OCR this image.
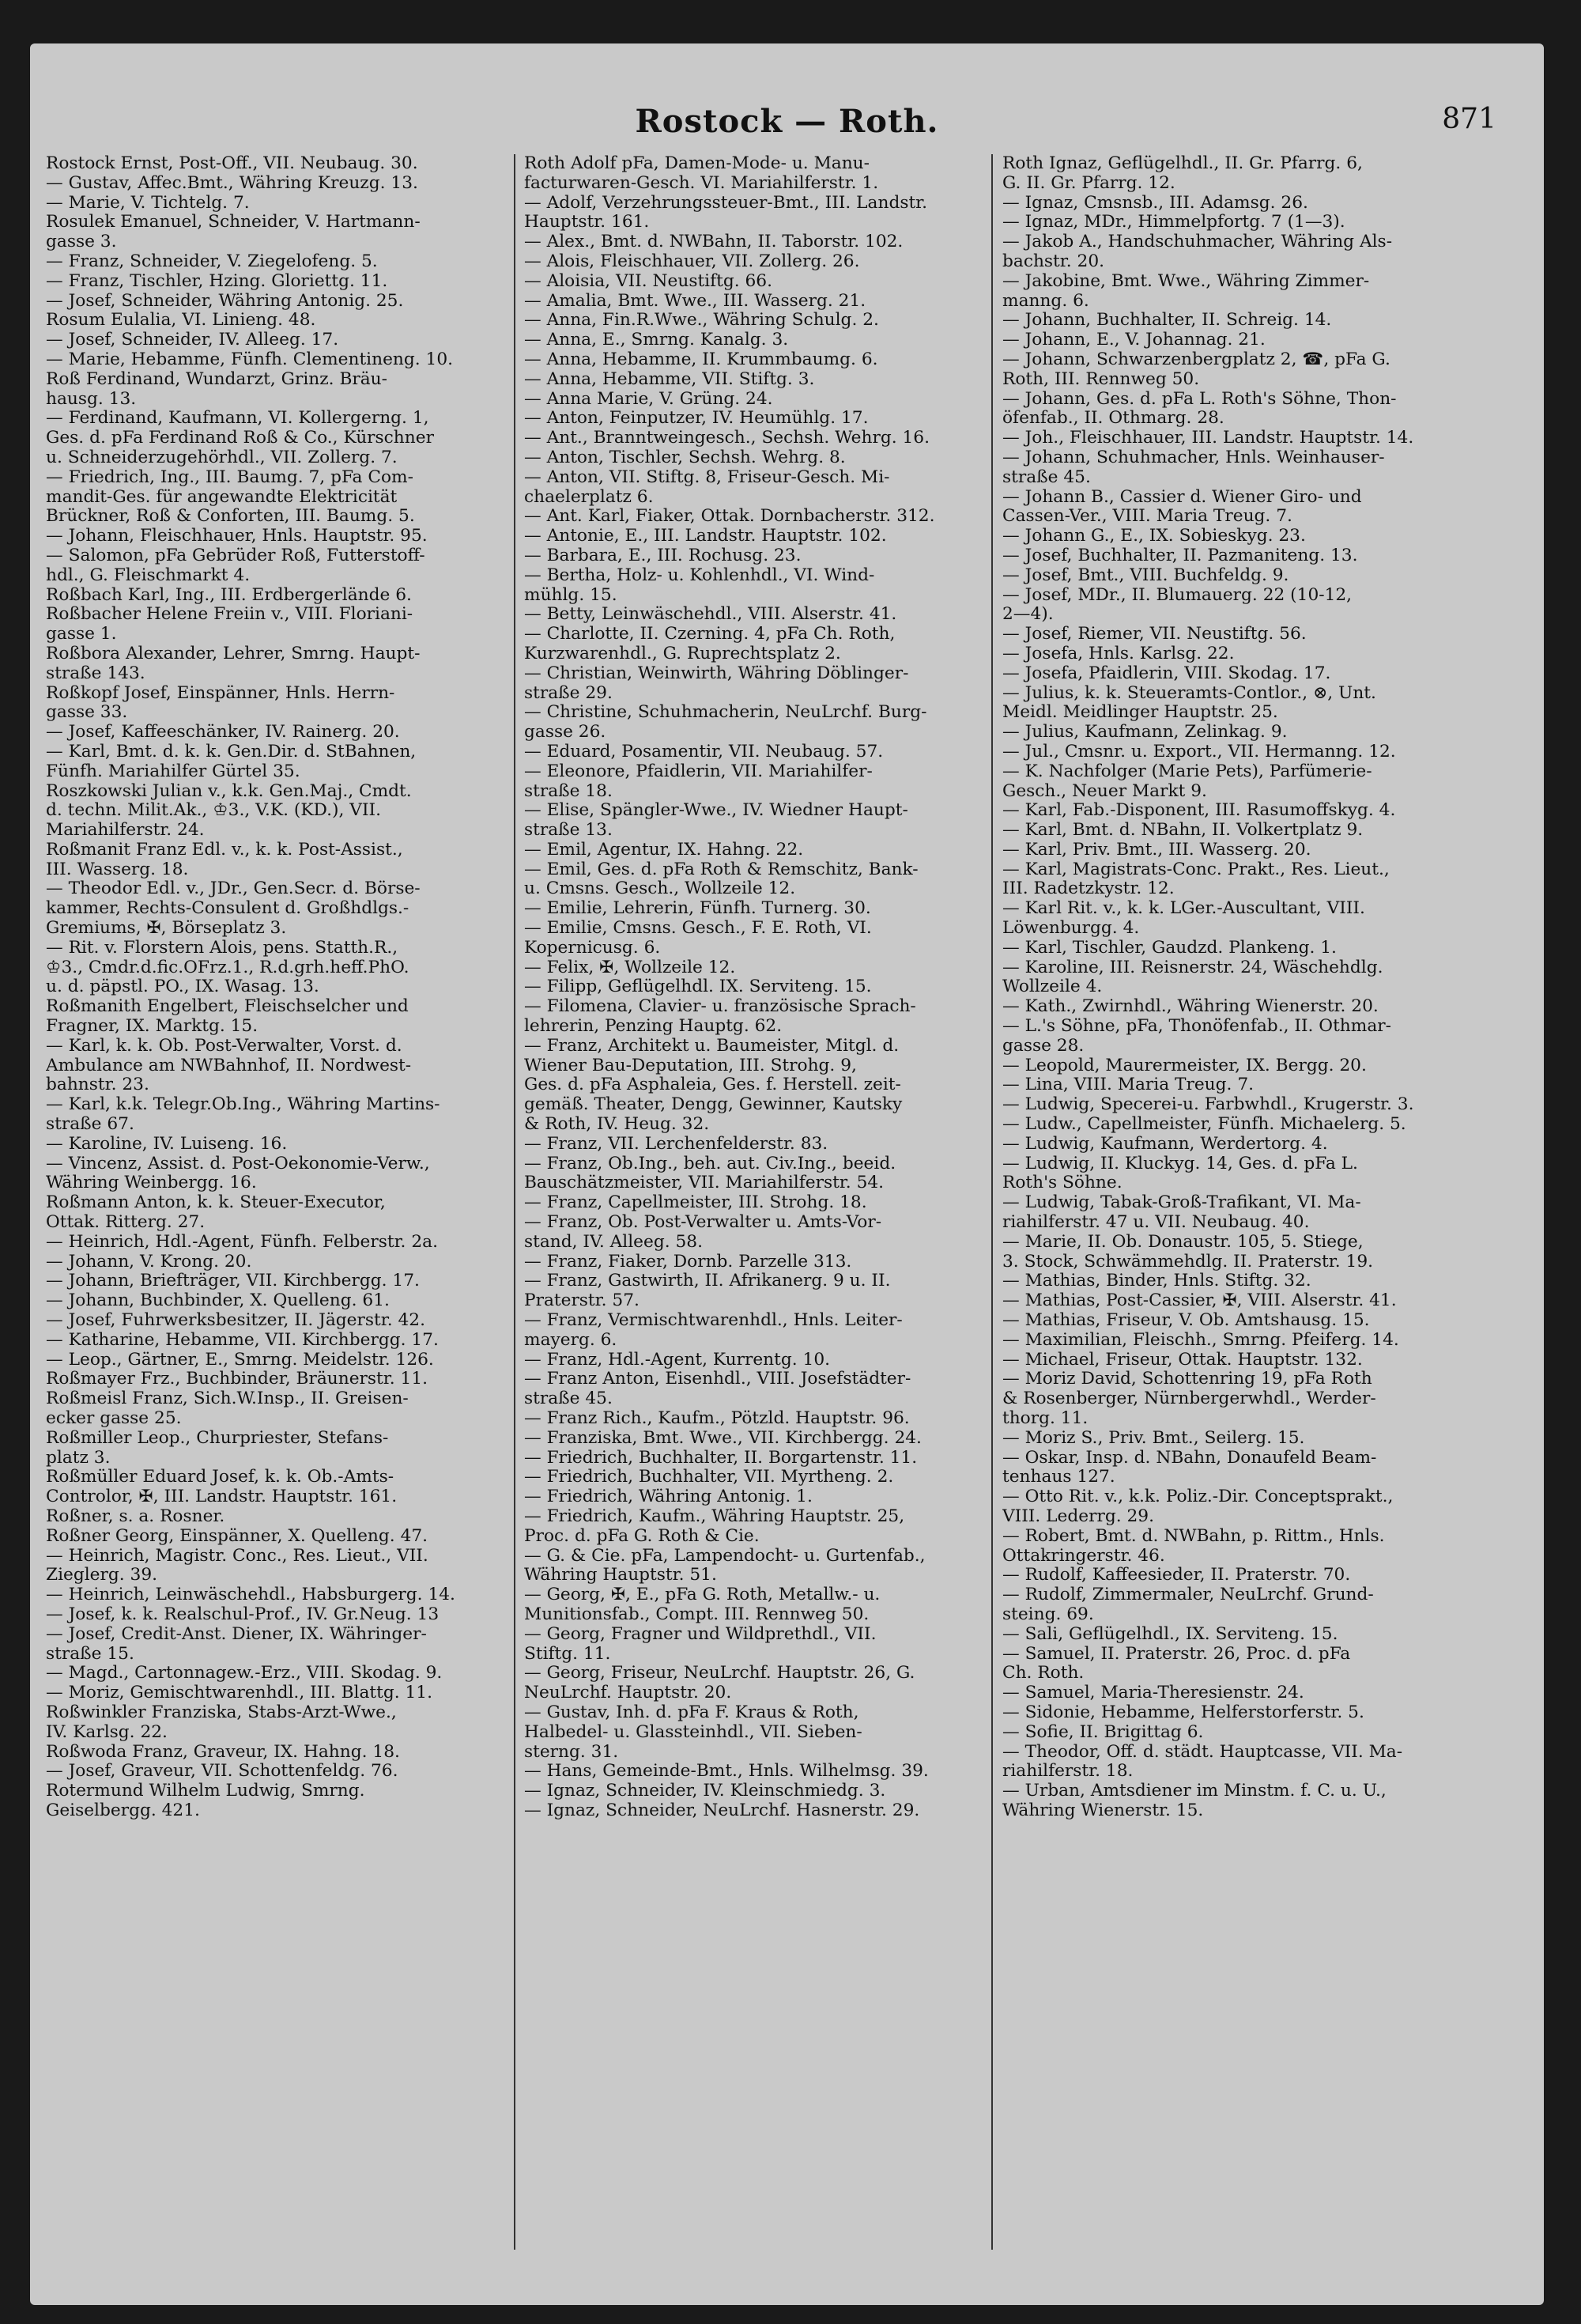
Rostock — Roth.	871
Rostock Ernst, Post-Off., VII. Neubaug. 30.
— Gustav, Affec.Bmt., Währing Kreuzg. 13.
— Marie, V. Tichtelg. 7.
Rosulek Emanuel, Schneider, V. Hartmann-
gasse 3.
— Franz, Schneider, V. Ziegelofeng. 5.
— Franz, Tischler, Hzing. Gloriettg. 11.
— Josef, Schneider, Währing Antonig. 25.
Rosum Eulalia, VI. Linieng. 48.
— Josef, Schneider, IV. Alleeg. 17.
— Marie, Hebamme, Fünfh. Clementineng. 10.
Roß Ferdinand, Wundarzt, Grinz. Bräu-
hausg. 13.
— Ferdinand, Kaufmann, VI. Kollergerng. 1,
Ges. d. pFa Ferdinand Roß & Co., Kürschner
u. Schneiderzugehörhdl., VII. Zollerg. 7.
— Friedrich, Ing., III. Baumg. 7, pFa Com-
mandit-Ges. für angewandte Elektricität
Brückner, Roß & Conforten, III. Baumg. 5.
— Johann, Fleischhauer, Hnls. Hauptstr. 95.
— Salomon, pFa Gebrüder Roß, Futterstoff-
hdl., G. Fleischmarkt 4.
Roßbach Karl, Ing., III. Erdbergerlände 6.
Roßbacher Helene Freiin v., VIII. Floriani-
gasse 1.
Roßbora Alexander, Lehrer, Smrng. Haupt-
straße 143.
Roßkopf Josef, Einspänner, Hnls. Herrn-
gasse 33.
— Josef, Kaffeeschänker, IV. Rainerg. 20.
— Karl, Bmt. d. k. k. Gen.Dir. d. StBahnen,
Fünfh. Mariahilfer Gürtel 35.
Roszkowski Julian v., k.k. Gen.Maj., Cmdt.
d. techn. Milit.Ak., ♔3., V.K. (KD.), VII.
Mariahilferstr. 24.
Roßmanit Franz Edl. v., k. k. Post-Assist.,
III. Wasserg. 18.
— Theodor Edl. v., JDr., Gen.Secr. d. Börse-
kammer, Rechts-Consulent d. Großhdlgs.-
Gremiums, ✠, Börseplatz 3.
— Rit. v. Florstern Alois, pens. Statth.R.,
♔3., Cmdr.d.fic.OFrz.1., R.d.grh.heff.PhO.
u. d. päpstl. PO., IX. Wasag. 13.
Roßmanith Engelbert, Fleischselcher und
Fragner, IX. Marktg. 15.
— Karl, k. k. Ob. Post-Verwalter, Vorst. d.
Ambulance am NWBahnhof, II. Nordwest-
bahnstr. 23.
— Karl, k.k. Telegr.Ob.Ing., Währing Martins-
straße 67.
— Karoline, IV. Luiseng. 16.
— Vincenz, Assist. d. Post-Oekonomie-Verw.,
Währing Weinbergg. 16.
Roßmann Anton, k. k. Steuer-Executor,
Ottak. Ritterg. 27.
— Heinrich, Hdl.-Agent, Fünfh. Felberstr. 2a.
— Johann, V. Krong. 20.
— Johann, Briefträger, VII. Kirchbergg. 17.
— Johann, Buchbinder, X. Quelleng. 61.
— Josef, Fuhrwerksbesitzer, II. Jägerstr. 42.
— Katharine, Hebamme, VII. Kirchbergg. 17.
— Leop., Gärtner, E., Smrng. Meidelstr. 126.
Roßmayer Frz., Buchbinder, Bräunerstr. 11.
Roßmeisl Franz, Sich.W.Insp., II. Greisen-
ecker gasse 25.
Roßmiller Leop., Churpriester, Stefans-
platz 3.
Roßmüller Eduard Josef, k. k. Ob.-Amts-
Controlor, ✠, III. Landstr. Hauptstr. 161.
Roßner, s. a. Rosner.
Roßner Georg, Einspänner, X. Quelleng. 47.
— Heinrich, Magistr. Conc., Res. Lieut., VII.
Zieglerg. 39.
— Heinrich, Leinwäschehdl., Habsburgerg. 14.
— Josef, k. k. Realschul-Prof., IV. Gr.Neug. 13
— Josef, Credit-Anst. Diener, IX. Währinger-
straße 15.
— Magd., Cartonnagew.-Erz., VIII. Skodag. 9.
— Moriz, Gemischtwarenhdl., III. Blattg. 11.
Roßwinkler Franziska, Stabs-Arzt-Wwe.,
IV. Karlsg. 22.
Roßwoda Franz, Graveur, IX. Hahng. 18.
— Josef, Graveur, VII. Schottenfeldg. 76.
Rotermund Wilhelm Ludwig, Smrng.
Geiselbergg. 421.
Roth Adolf pFa, Damen-Mode- u. Manu-
facturwaren-Gesch. VI. Mariahilferstr. 1.
— Adolf, Verzehrungssteuer-Bmt., III. Landstr.
Hauptstr. 161.
— Alex., Bmt. d. NWBahn, II. Taborstr. 102.
— Alois, Fleischhauer, VII. Zollerg. 26.
— Aloisia, VII. Neustiftg. 66.
— Amalia, Bmt. Wwe., III. Wasserg. 21.
— Anna, Fin.R.Wwe., Währing Schulg. 2.
— Anna, E., Smrng. Kanalg. 3.
— Anna, Hebamme, II. Krummbaumg. 6.
— Anna, Hebamme, VII. Stiftg. 3.
— Anna Marie, V. Grüng. 24.
— Anton, Feinputzer, IV. Heumühlg. 17.
— Ant., Branntweingesch., Sechsh. Wehrg. 16.
— Anton, Tischler, Sechsh. Wehrg. 8.
— Anton, VII. Stiftg. 8, Friseur-Gesch. Mi-
chaelerplatz 6.
— Ant. Karl, Fiaker, Ottak. Dornbacherstr. 312.
— Antonie, E., III. Landstr. Hauptstr. 102.
— Barbara, E., III. Rochusg. 23.
— Bertha, Holz- u. Kohlenhdl., VI. Wind-
mühlg. 15.
— Betty, Leinwäschehdl., VIII. Alserstr. 41.
— Charlotte, II. Czerning. 4, pFa Ch. Roth,
Kurzwarenhdl., G. Ruprechtsplatz 2.
— Christian, Weinwirth, Währing Döblinger-
straße 29.
— Christine, Schuhmacherin, NeuLrchf. Burg-
gasse 26.
— Eduard, Posamentir, VII. Neubaug. 57.
— Eleonore, Pfaidlerin, VII. Mariahilfer-
straße 18.
— Elise, Spängler-Wwe., IV. Wiedner Haupt-
straße 13.
— Emil, Agentur, IX. Hahng. 22.
— Emil, Ges. d. pFa Roth & Remschitz, Bank-
u. Cmsns. Gesch., Wollzeile 12.
— Emilie, Lehrerin, Fünfh. Turnerg. 30.
— Emilie, Cmsns. Gesch., F. E. Roth, VI.
Kopernicusg. 6.
— Felix, ✠, Wollzeile 12.
— Filipp, Geflügelhdl. IX. Serviteng. 15.
— Filomena, Clavier- u. französische Sprach-
lehrerin, Penzing Hauptg. 62.
— Franz, Architekt u. Baumeister, Mitgl. d.
Wiener Bau-Deputation, III. Strohg. 9,
Ges. d. pFa Asphaleia, Ges. f. Herstell. zeit-
gemäß. Theater, Dengg, Gewinner, Kautsky
& Roth, IV. Heug. 32.
— Franz, VII. Lerchenfelderstr. 83.
— Franz, Ob.Ing., beh. aut. Civ.Ing., beeid.
Bauschätzmeister, VII. Mariahilferstr. 54.
— Franz, Capellmeister, III. Strohg. 18.
— Franz, Ob. Post-Verwalter u. Amts-Vor-
stand, IV. Alleeg. 58.
— Franz, Fiaker, Dornb. Parzelle 313.
— Franz, Gastwirth, II. Afrikanerg. 9 u. II.
Praterstr. 57.
— Franz, Vermischtwarenhdl., Hnls. Leiter-
mayerg. 6.
— Franz, Hdl.-Agent, Kurrentg. 10.
— Franz Anton, Eisenhdl., VIII. Josefstädter-
straße 45.
— Franz Rich., Kaufm., Pötzld. Hauptstr. 96.
— Franziska, Bmt. Wwe., VII. Kirchbergg. 24.
— Friedrich, Buchhalter, II. Borgartenstr. 11.
— Friedrich, Buchhalter, VII. Myrtheng. 2.
— Friedrich, Währing Antonig. 1.
— Friedrich, Kaufm., Währing Hauptstr. 25,
Proc. d. pFa G. Roth & Cie.
— G. & Cie. pFa, Lampendocht- u. Gurtenfab.,
Währing Hauptstr. 51.
— Georg, ✠, E., pFa G. Roth, Metallw.- u.
Munitionsfab., Compt. III. Rennweg 50.
— Georg, Fragner und Wildprethdl., VII.
Stiftg. 11.
— Georg, Friseur, NeuLrchf. Hauptstr. 26, G.
NeuLrchf. Hauptstr. 20.
— Gustav, Inh. d. pFa F. Kraus & Roth,
Halbedel- u. Glassteinhdl., VII. Sieben-
sterng. 31.
— Hans, Gemeinde-Bmt., Hnls. Wilhelmsg. 39.
— Ignaz, Schneider, IV. Kleinschmiedg. 3.
— Ignaz, Schneider, NeuLrchf. Hasnerstr. 29.
Roth Ignaz, Geflügelhdl., II. Gr. Pfarrg. 6,
G. II. Gr. Pfarrg. 12.
— Ignaz, Cmsnsb., III. Adamsg. 26.
— Ignaz, MDr., Himmelpfortg. 7 (1—3).
— Jakob A., Handschuhmacher, Währing Als-
bachstr. 20.
— Jakobine, Bmt. Wwe., Währing Zimmer-
manng. 6.
— Johann, Buchhalter, II. Schreig. 14.
— Johann, E., V. Johannag. 21.
— Johann, Schwarzenbergplatz 2, ☎, pFa G.
Roth, III. Rennweg 50.
— Johann, Ges. d. pFa L. Roth's Söhne, Thon-
öfenfab., II. Othmarg. 28.
— Joh., Fleischhauer, III. Landstr. Hauptstr. 14.
— Johann, Schuhmacher, Hnls. Weinhauser-
straße 45.
— Johann B., Cassier d. Wiener Giro- und
Cassen-Ver., VIII. Maria Treug. 7.
— Johann G., E., IX. Sobieskyg. 23.
— Josef, Buchhalter, II. Pazmaniteng. 13.
— Josef, Bmt., VIII. Buchfeldg. 9.
— Josef, MDr., II. Blumauerg. 22 (10-12,
2—4).
— Josef, Riemer, VII. Neustiftg. 56.
— Josefa, Hnls. Karlsg. 22.
— Josefa, Pfaidlerin, VIII. Skodag. 17.
— Julius, k. k. Steueramts-Contlor., ⊗, Unt.
Meidl. Meidlinger Hauptstr. 25.
— Julius, Kaufmann, Zelinkag. 9.
— Jul., Cmsnr. u. Export., VII. Hermanng. 12.
— K. Nachfolger (Marie Pets), Parfümerie-
Gesch., Neuer Markt 9.
— Karl, Fab.-Disponent, III. Rasumoffskyg. 4.
— Karl, Bmt. d. NBahn, II. Volkertplatz 9.
— Karl, Priv. Bmt., III. Wasserg. 20.
— Karl, Magistrats-Conc. Prakt., Res. Lieut.,
III. Radetzkystr. 12.
— Karl Rit. v., k. k. LGer.-Auscultant, VIII.
Löwenburgg. 4.
— Karl, Tischler, Gaudzd. Plankeng. 1.
— Karoline, III. Reisnerstr. 24, Wäschehdlg.
Wollzeile 4.
— Kath., Zwirnhdl., Währing Wienerstr. 20.
— L.'s Söhne, pFa, Thonöfenfab., II. Othmar-
gasse 28.
— Leopold, Maurermeister, IX. Bergg. 20.
— Lina, VIII. Maria Treug. 7.
— Ludwig, Specerei-u. Farbwhdl., Krugerstr. 3.
— Ludw., Capellmeister, Fünfh. Michaelerg. 5.
— Ludwig, Kaufmann, Werdertorg. 4.
— Ludwig, II. Kluckyg. 14, Ges. d. pFa L.
Roth's Söhne.
— Ludwig, Tabak-Groß-Trafikant, VI. Ma-
riahilferstr. 47 u. VII. Neubaug. 40.
— Marie, II. Ob. Donaustr. 105, 5. Stiege,
3. Stock, Schwämmehdlg. II. Praterstr. 19.
— Mathias, Binder, Hnls. Stiftg. 32.
— Mathias, Post-Cassier, ✠, VIII. Alserstr. 41.
— Mathias, Friseur, V. Ob. Amtshausg. 15.
— Maximilian, Fleischh., Smrng. Pfeiferg. 14.
— Michael, Friseur, Ottak. Hauptstr. 132.
— Moriz David, Schottenring 19, pFa Roth
& Rosenberger, Nürnbergerwhdl., Werder-
thorg. 11.
— Moriz S., Priv. Bmt., Seilerg. 15.
— Oskar, Insp. d. NBahn, Donaufeld Beam-
tenhaus 127.
— Otto Rit. v., k.k. Poliz.-Dir. Conceptsprakt.,
VIII. Lederrg. 29.
— Robert, Bmt. d. NWBahn, p. Rittm., Hnls.
Ottakringerstr. 46.
— Rudolf, Kaffeesieder, II. Praterstr. 70.
— Rudolf, Zimmermaler, NeuLrchf. Grund-
steing. 69.
— Sali, Geflügelhdl., IX. Serviteng. 15.
— Samuel, II. Praterstr. 26, Proc. d. pFa
Ch. Roth.
— Samuel, Maria-Theresienstr. 24.
— Sidonie, Hebamme, Helferstorferstr. 5.
— Sofie, II. Brigittag 6.
— Theodor, Off. d. städt. Hauptcasse, VII. Ma-
riahilferstr. 18.
— Urban, Amtsdiener im Minstm. f. C. u. U.,
Währing Wienerstr. 15.
